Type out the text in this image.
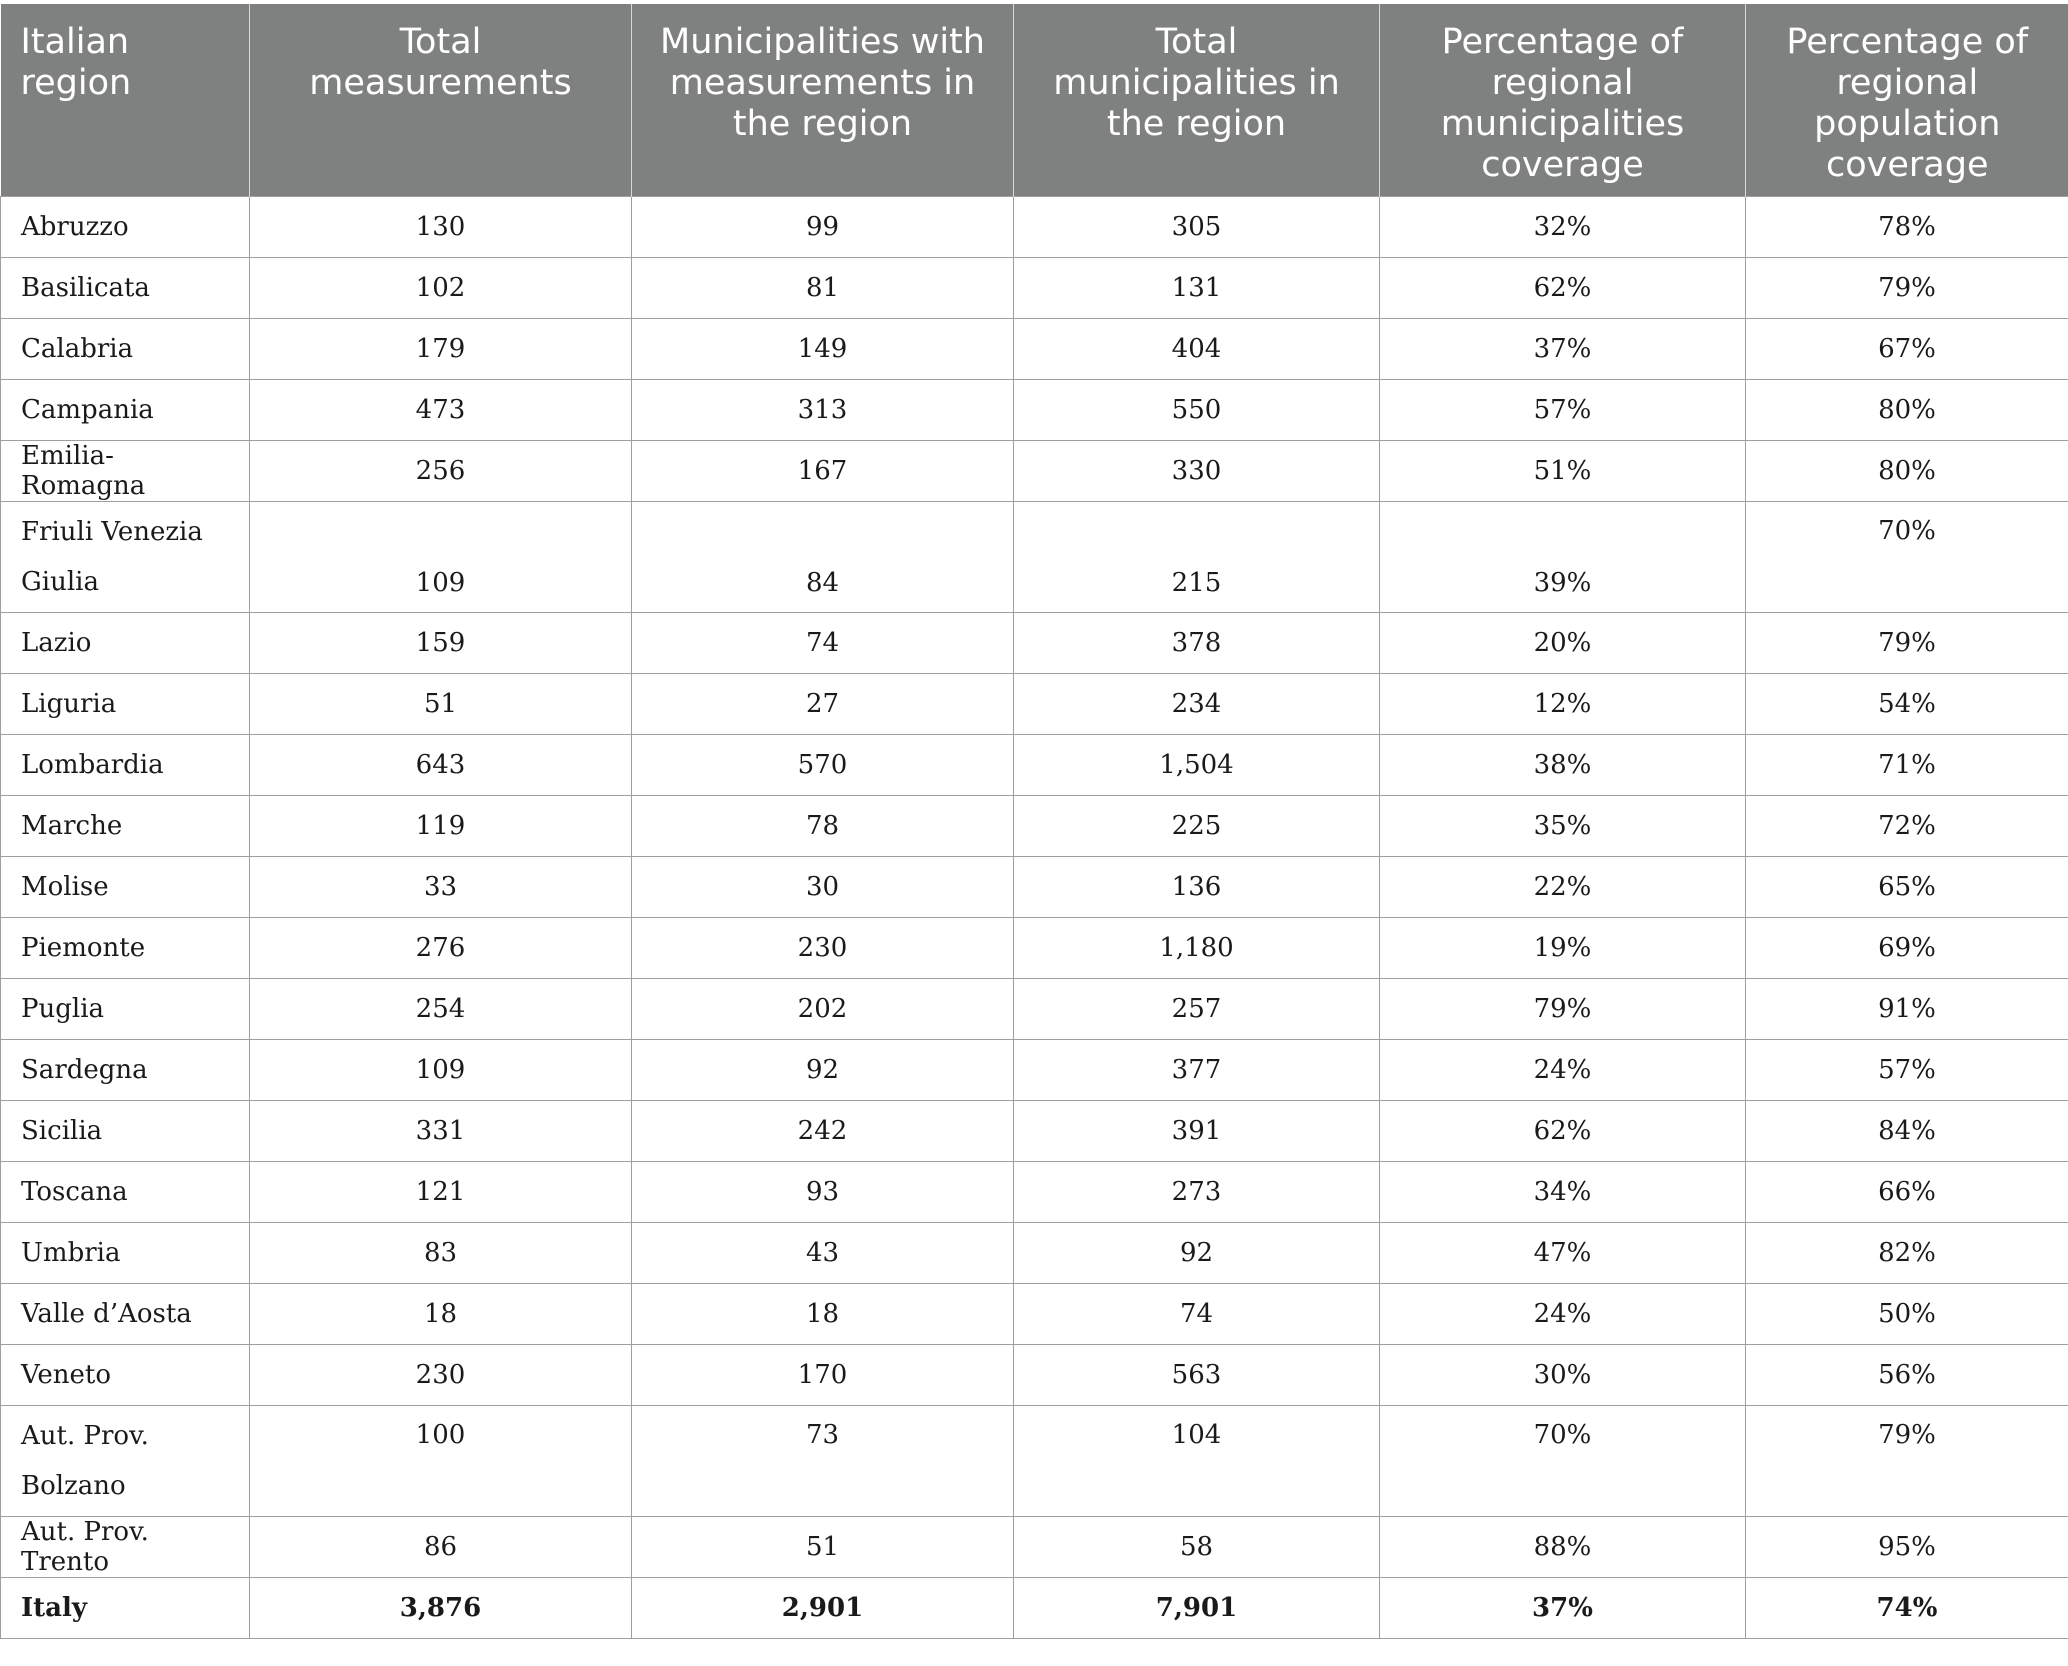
Italian region	Total measurements	Municipalities with measurements in the region	Total municipalities in the region	Percentage of regional municipalities coverage	Percentage of regional population coverage
Abruzzo	130	99	305	32%	78%
Basilicata	102	81	131	62%	79%
Calabria	179	149	404	37%	67%
Campania	473	313	550	57%	80%
Emilia-Romagna	256	167	330	51%	80%
Friuli Venezia Giulia	109	84	215	39%	70%
Lazio	159	74	378	20%	79%
Liguria	51	27	234	12%	54%
Lombardia	643	570	1,504	38%	71%
Marche	119	78	225	35%	72%
Molise	33	30	136	22%	65%
Piemonte	276	230	1,180	19%	69%
Puglia	254	202	257	79%	91%
Sardegna	109	92	377	24%	57%
Sicilia	331	242	391	62%	84%
Toscana	121	93	273	34%	66%
Umbria	83	43	92	47%	82%
Valle d’Aosta	18	18	74	24%	50%
Veneto	230	170	563	30%	56%
Aut. Prov. Bolzano	100	73	104	70%	79%
Aut. Prov. Trento	86	51	58	88%	95%
Italy	3,876	2,901	7,901	37%	74%
